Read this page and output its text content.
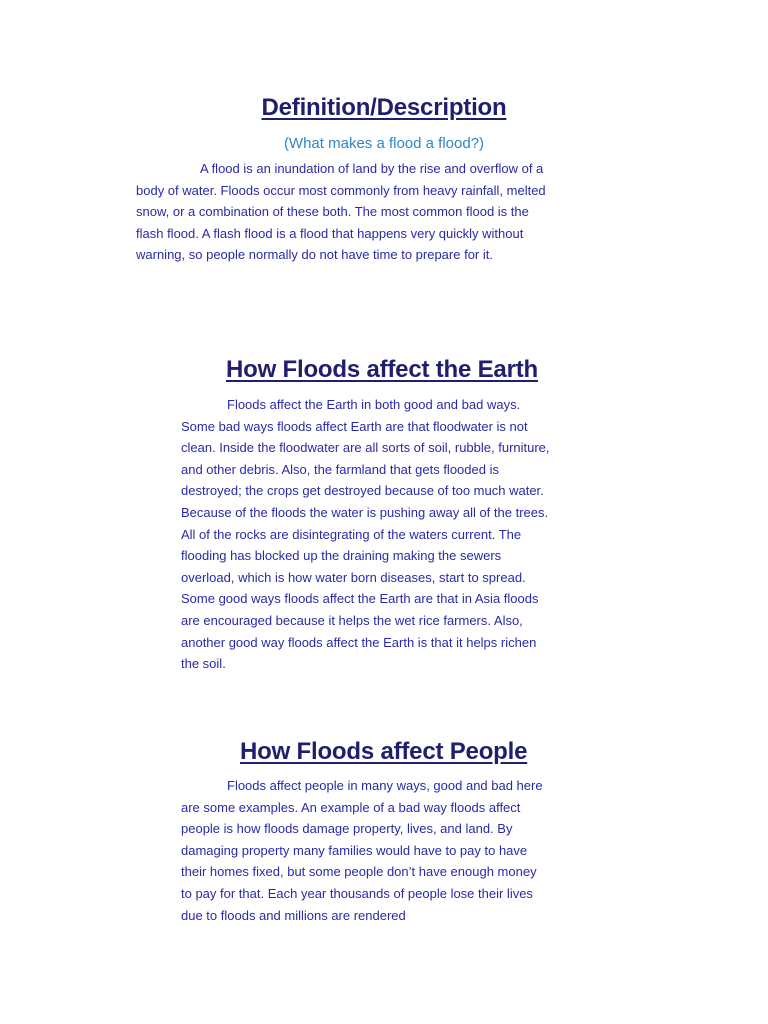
Definition/Description

(What makes a flood a flood?)

A flood is an inundation of land by the rise and overflow of a body of water. Floods occur most commonly from heavy rainfall, melted snow, or a combination of these both. The most common flood is the flash flood. A flash flood is a flood that happens very quickly without warning, so people normally do not have time to prepare for it.

How Floods affect the Earth

Floods affect the Earth in both good and bad ways. Some bad ways floods affect Earth are that floodwater is not clean. Inside the floodwater are all sorts of soil, rubble, furniture, and other debris. Also, the farmland that gets flooded is destroyed; the crops get destroyed because of too much water. Because of the floods the water is pushing away all of the trees. All of the rocks are disintegrating of the waters current. The flooding has blocked up the draining making the sewers overload, which is how water born diseases, start to spread. Some good ways floods affect the Earth are that in Asia floods are encouraged because it helps the wet rice farmers. Also, another good way floods affect the Earth is that it helps richen the soil.

How Floods affect People

Floods affect people in many ways, good and bad here are some examples. An example of a bad way floods affect people is how floods damage property, lives, and land. By damaging property many families would have to pay to have their homes fixed, but some people don’t have enough money to pay for that. Each year thousands of people lose their lives due to floods and millions are rendered
